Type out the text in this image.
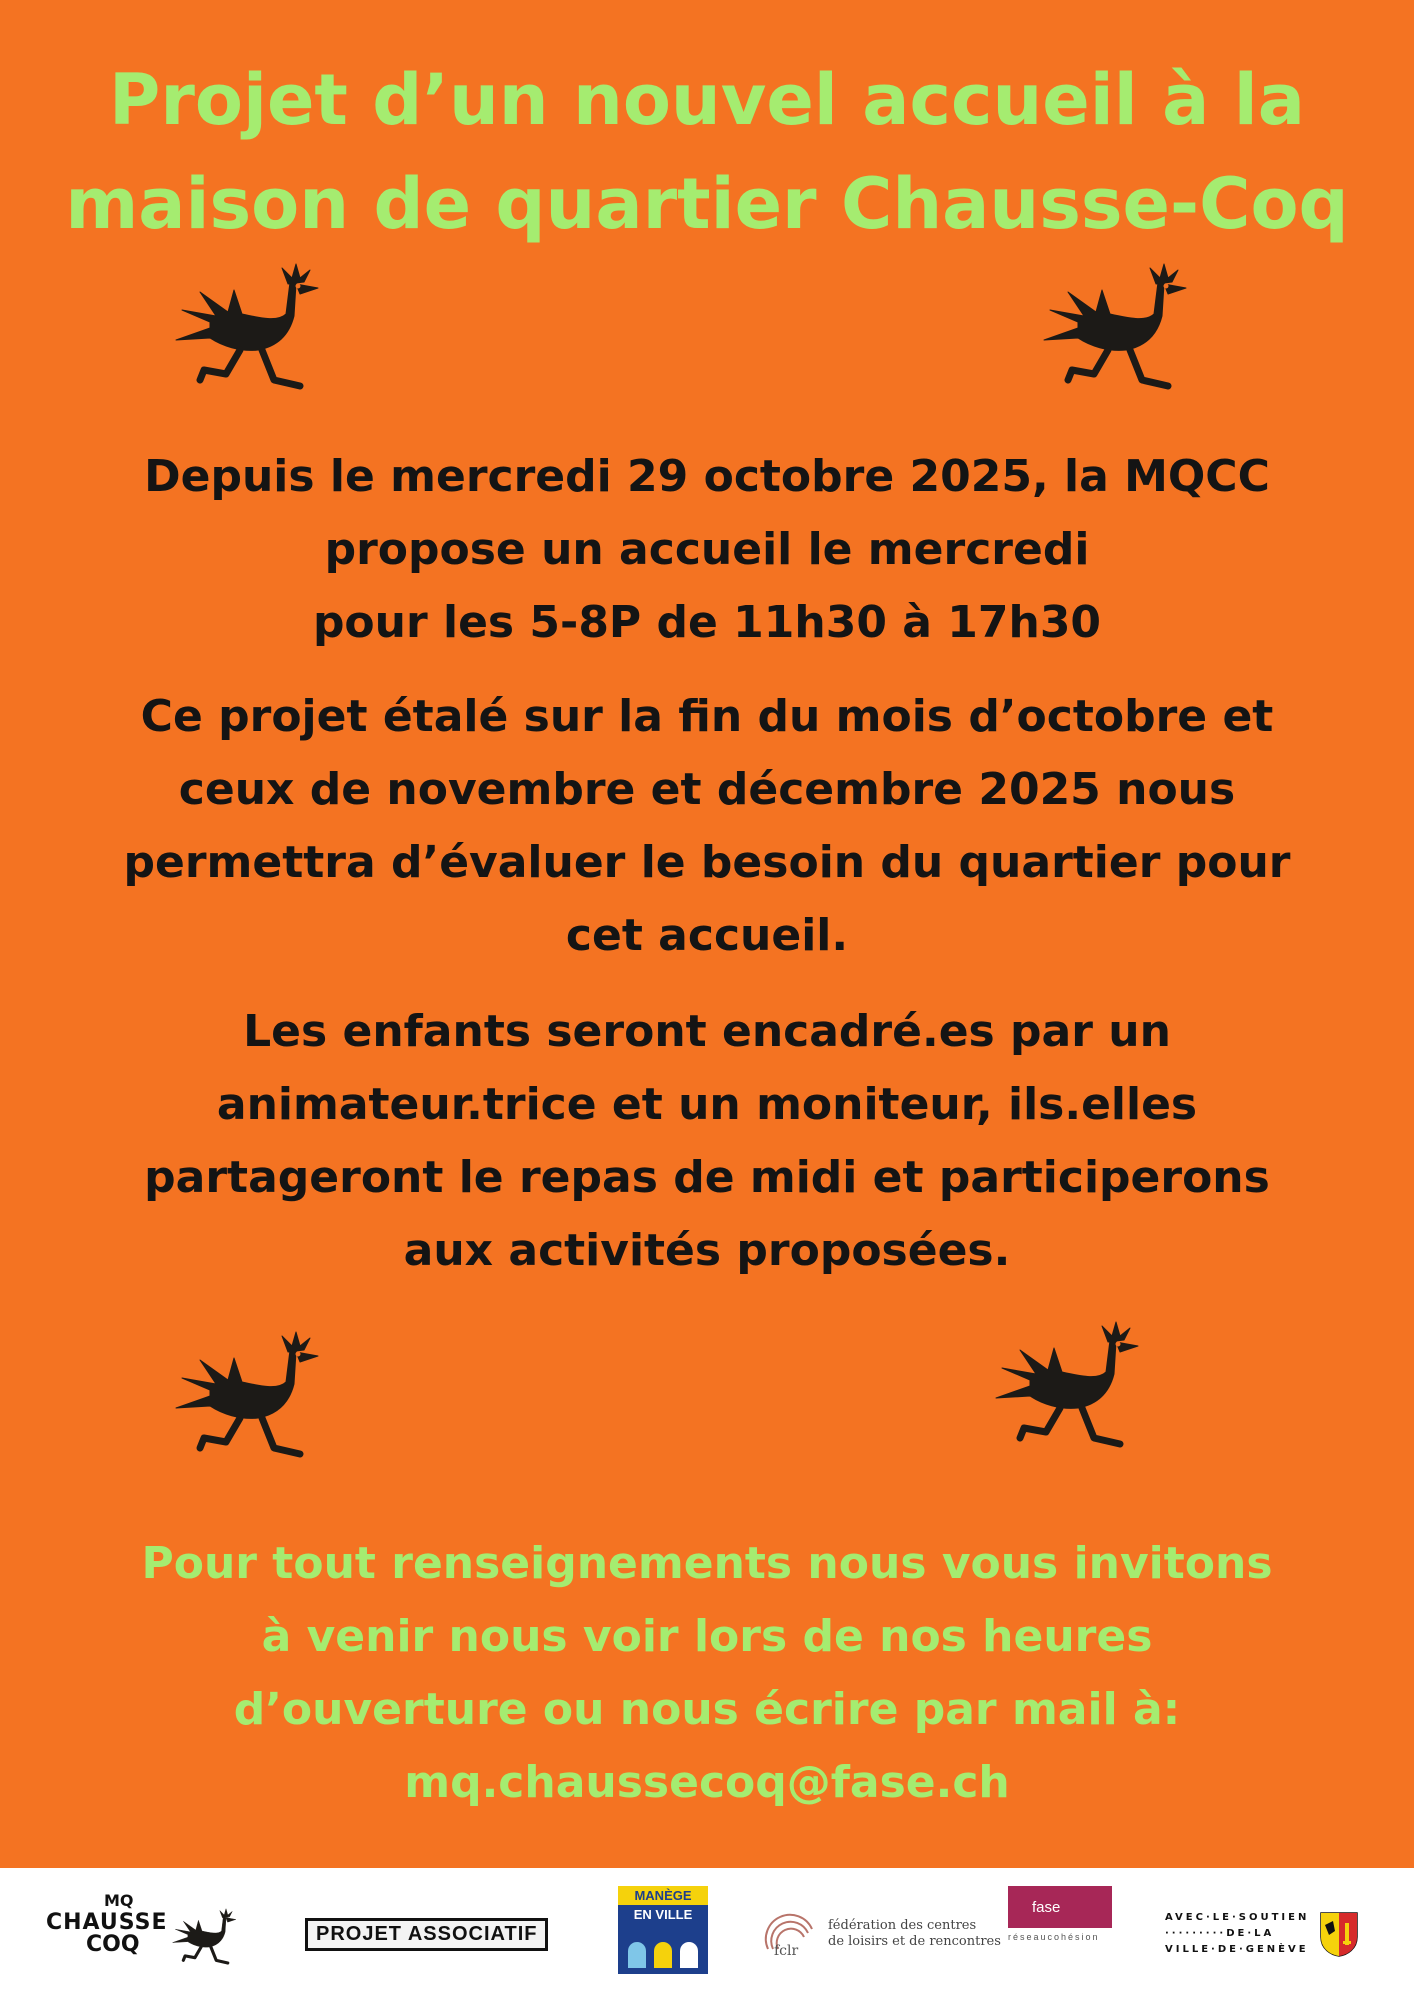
Projet d’un nouvel accueil à la
maison de quartier Chausse-Coq
Depuis le mercredi 29 octobre 2025, la MQCC
propose un accueil le mercredi
pour les 5-8P de 11h30 à 17h30
Ce projet étalé sur la fin du mois d’octobre et
ceux de novembre et décembre 2025 nous
permettra d’évaluer le besoin du quartier pour
cet accueil.
Les enfants seront encadré.es par un
animateur.trice et un moniteur, ils.elles
partageront le repas de midi et participerons
aux activités proposées.
Pour tout renseignements nous vous invitons
à venir nous voir lors de nos heures
d’ouverture ou nous écrire par mail à:
mq.chaussecoq@fase.ch
MQ
CHAUSSE
COQ	PROJET ASSOCIATIF
MANÈGE
EN VILLE
fclr
fédération des centres
de loisirs et de rencontres
fase
réseaucohésion
AVEC·LE·SOUTIEN
·········DE·LA
VILLE·DE·GENÈVE
